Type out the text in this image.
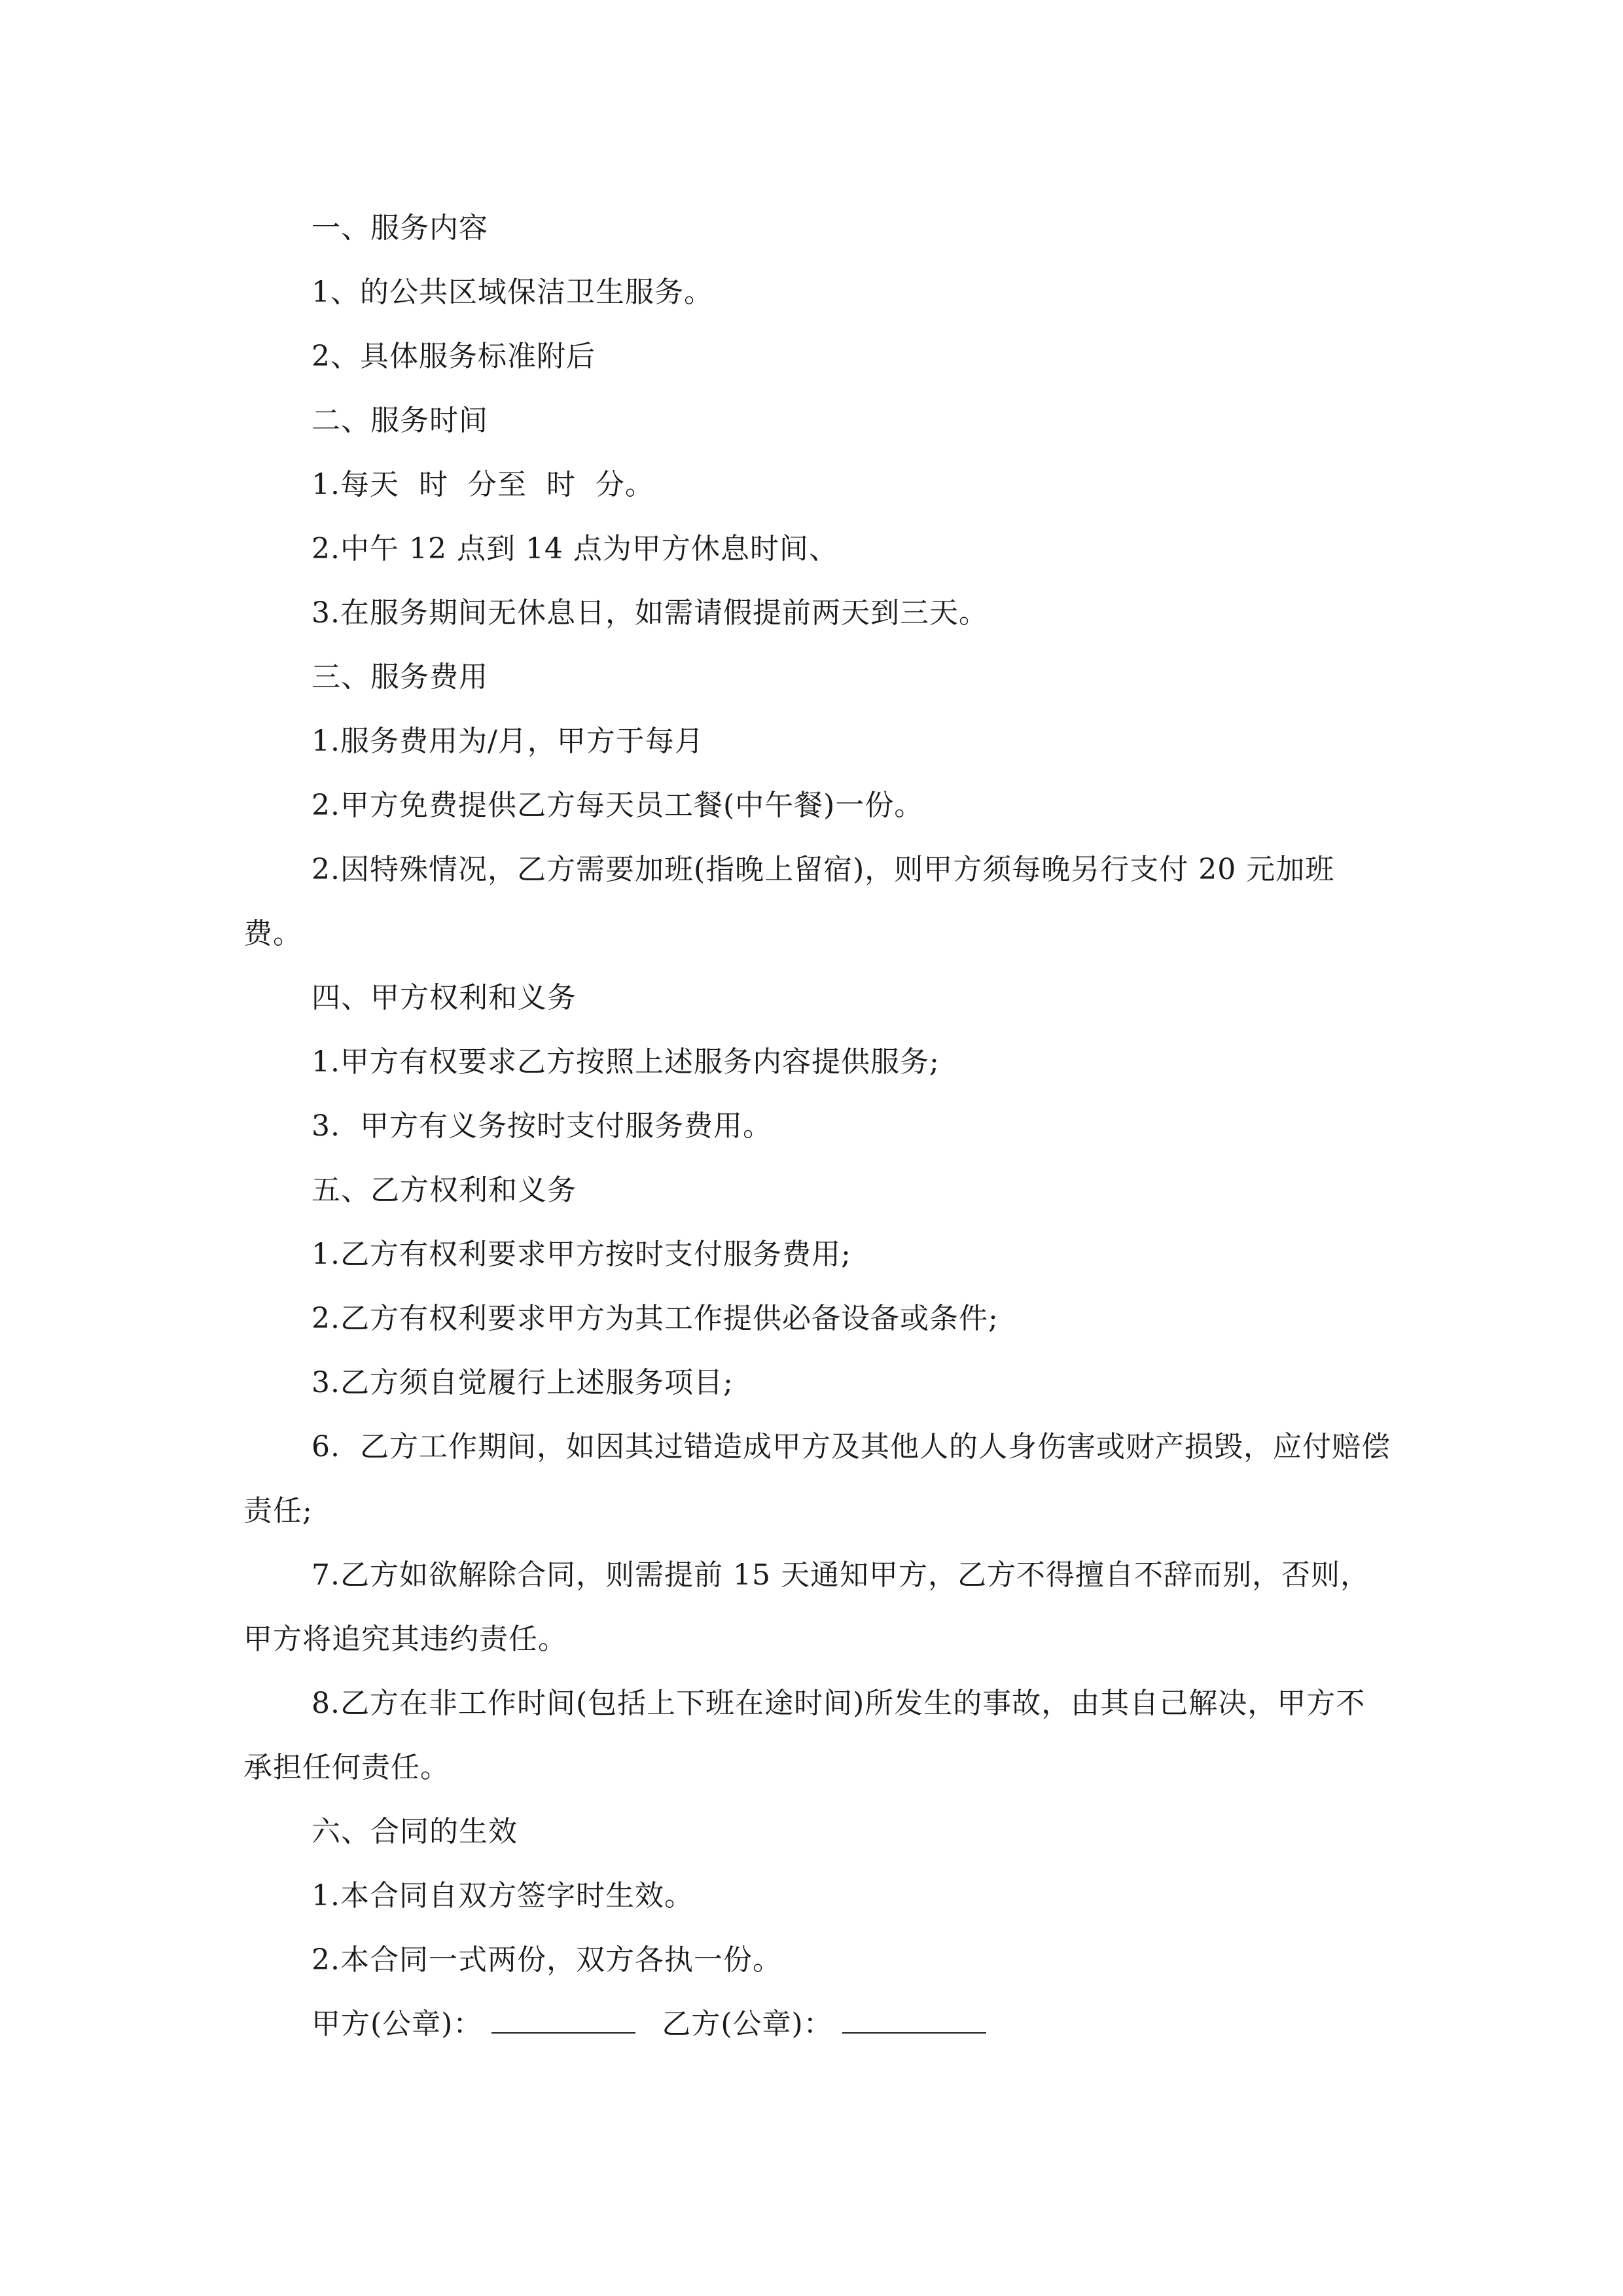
一、服务内容

1、的公共区域保洁卫生服务。

2、具体服务标准附后

二、服务时间

1.每天  时  分至  时  分。

2.中午 12 点到 14 点为甲方休息时间、

3.在服务期间无休息日，如需请假提前两天到三天。

三、服务费用

1.服务费用为/月，甲方于每月

2.甲方免费提供乙方每天员工餐(中午餐)一份。

2.因特殊情况，乙方需要加班(指晚上留宿)，则甲方须每晚另行支付 20 元加班费。

四、甲方权利和义务

1.甲方有权要求乙方按照上述服务内容提供服务;

3.  甲方有义务按时支付服务费用。

五、乙方权利和义务

1.乙方有权利要求甲方按时支付服务费用;

2.乙方有权利要求甲方为其工作提供必备设备或条件;

3.乙方须自觉履行上述服务项目;

6.  乙方工作期间，如因其过错造成甲方及其他人的人身伤害或财产损毁，应付赔偿责任;

7.乙方如欲解除合同，则需提前 15 天通知甲方，乙方不得擅自不辞而别，否则，甲方将追究其违约责任。

8.乙方在非工作时间(包括上下班在途时间)所发生的事故，由其自己解决，甲方不承担任何责任。

六、合同的生效

1.本合同自双方签字时生效。

2.本合同一式两份，双方各执一份。

甲方(公章)：	乙方(公章)：
